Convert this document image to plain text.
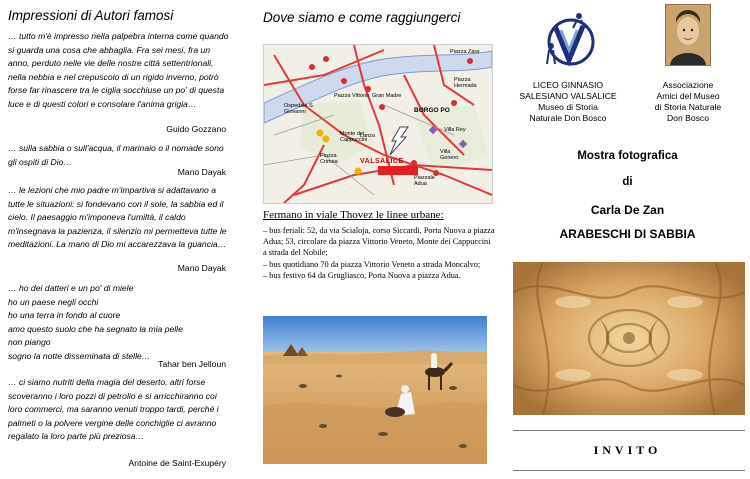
Impressioni di Autori famosi

… tutto m'è impresso nella palpebra interna come quando si guarda una cosa che abbaglia. Fra sei mesi, fra un anno, perduto nelle vie delle nostre città settentrionali, nella nebbia e nel crepuscolo di un rigido inverno, potrò forse far rinascere tra le ciglia socchiuse un po' di questa luce e di questi colori e consolare l'anima grigia…

Guido Gozzano

… sulla sabbia o sull'acqua, il marinaio o il nomade sono gli ospiti di Dio…

Mano Dayak

… le lezioni che mio padre m'impartiva si adattavano a tutte le situazioni: si fondevano con il sole, la sabbia ed il cielo. Il paesaggio m'imponeva l'umiltà, il caldo m'insegnava la pazienza, il silenzio mi permetteva tutte le meditazioni. La mano di Dio mi accarezzava la guancia…

Mano Dayak

… ho dei datteri e un po' di miele
ho un paese negli occhi
ho una terra in fondo al cuore
amo questo suolo che ha segnato la mia pelle
non piango
sogno la notte disseminata di stelle…

Tahar ben Jelloun

… ci siamo nutriti della magia del deserto, altri forse scoveranno i loro pozzi di petrolio e si arricchiranno coi loro commerci, ma saranno venuti troppo tardi, perché i palmeti o la polvere vergine delle conchiglie ci avranno regalato la loro parte più preziosa…

Antoine de Saint-Exupéry
Dove siamo e come raggiungerci
VALSALICE
BORGO PO
Monte dei Cappuccini
Villa Rey
Villa Genero
Ospedale S. Giovanni
Piazza Vittorio Gran Madre
Piazza Hermada
Piazzale Adua
Piazza Crimea
Piazza Zara
Lanza
Fermano in viale Thovez le linee urbane:
– bus feriali: 52, da via Scialoja, corso Siccardi, Porta Nuova a piazza Adua; 53, circolare da piazza Vittorio Veneto, Monte dei Cappuccini a strada del Nobile;
– bus quotidiano 70 da piazza Vittorio Veneto a strada Moncalvo;
– bus festivo 64 da Grugliasco, Porta Nuova a piazza Adua.
LICEO GINNASIO
SALESIANO VALSALICE
Museo di Storia
Naturale Don Bosco
Associazione
Amici del Museo
di Storia Naturale
Don Bosco
Mostra fotografica
di
Carla De Zan
ARABESCHI DI SABBIA
INVITO
